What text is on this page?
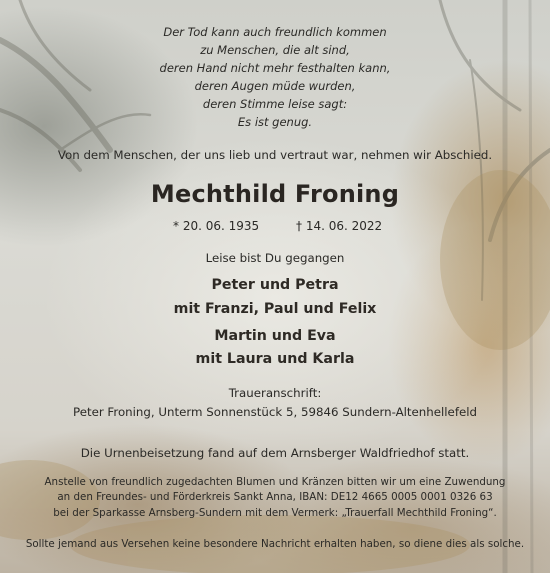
Der Tod kann auch freundlich kommen
zu Menschen, die alt sind,
deren Hand nicht mehr festhalten kann,
deren Augen müde wurden,
deren Stimme leise sagt:
Es ist genug.
Von dem Menschen, der uns lieb und vertraut war, nehmen wir Abschied.
Mechthild Froning
* 20. 06. 1935	† 14. 06. 2022
Leise bist Du gegangen
Peter und Petra
mit Franzi, Paul und Felix
Martin und Eva
mit Laura und Karla
Traueranschrift:
Peter Froning, Unterm Sonnenstück 5, 59846 Sundern-Altenhellefeld
Die Urnenbeisetzung fand auf dem Arnsberger Waldfriedhof statt.
Anstelle von freundlich zugedachten Blumen und Kränzen bitten wir um eine Zuwendung
an den Freundes- und Förderkreis Sankt Anna, IBAN: DE12 4665 0005 0001 0326 63
bei der Sparkasse Arnsberg-Sundern mit dem Vermerk: „Trauerfall Mechthild Froning“.
Sollte jemand aus Versehen keine besondere Nachricht erhalten haben, so diene dies als solche.
